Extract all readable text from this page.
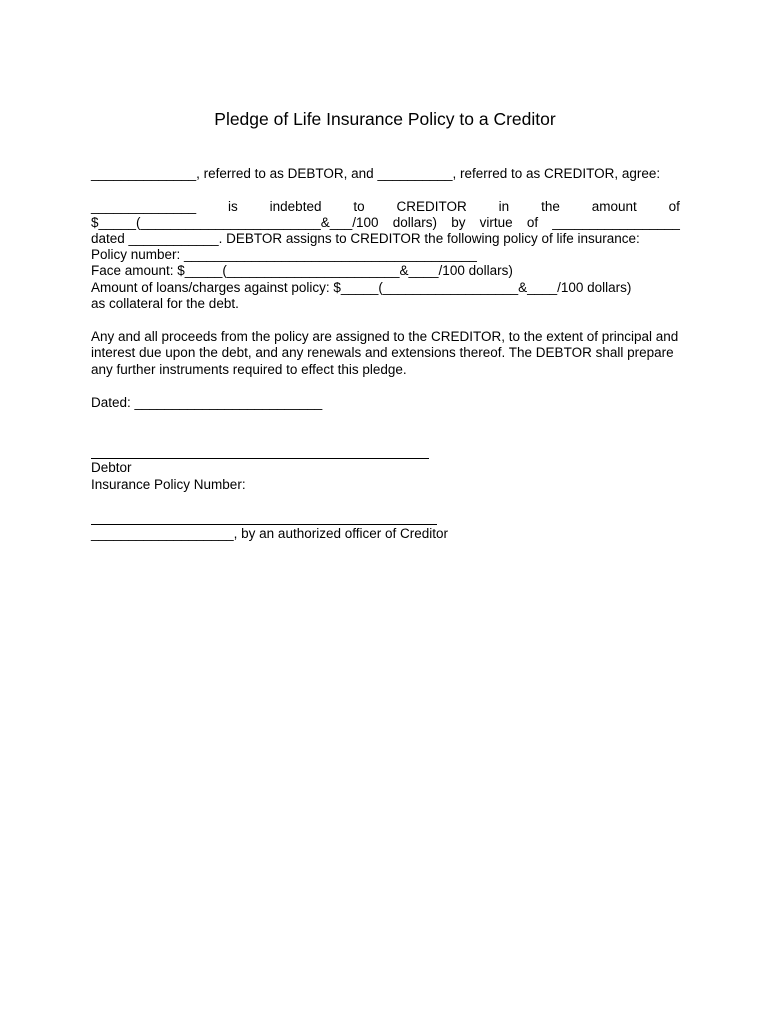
Pledge of Life Insurance Policy to a Creditor
______________, referred to as DEBTOR, and __________, referred to as CREDITOR, agree:
______________ is indebted to CREDITOR in the amount of
$_____(________________________&___/100 dollars) by virtue of _________________
dated ____________. DEBTOR assigns to CREDITOR the following policy of life insurance:
Policy number: _______________________________________
Face amount: $_____(_______________________&____/100 dollars)
Amount of loans/charges against policy: $_____(__________________&____/100 dollars)
as collateral for the debt.
Any and all proceeds from the policy are assigned to the CREDITOR, to the extent of principal and interest due upon the debt, and any renewals and extensions thereof. The DEBTOR shall prepare any further instruments required to effect this pledge.
Dated: _________________________
Debtor
Insurance Policy Number:
___________________, by an authorized officer of Creditor
